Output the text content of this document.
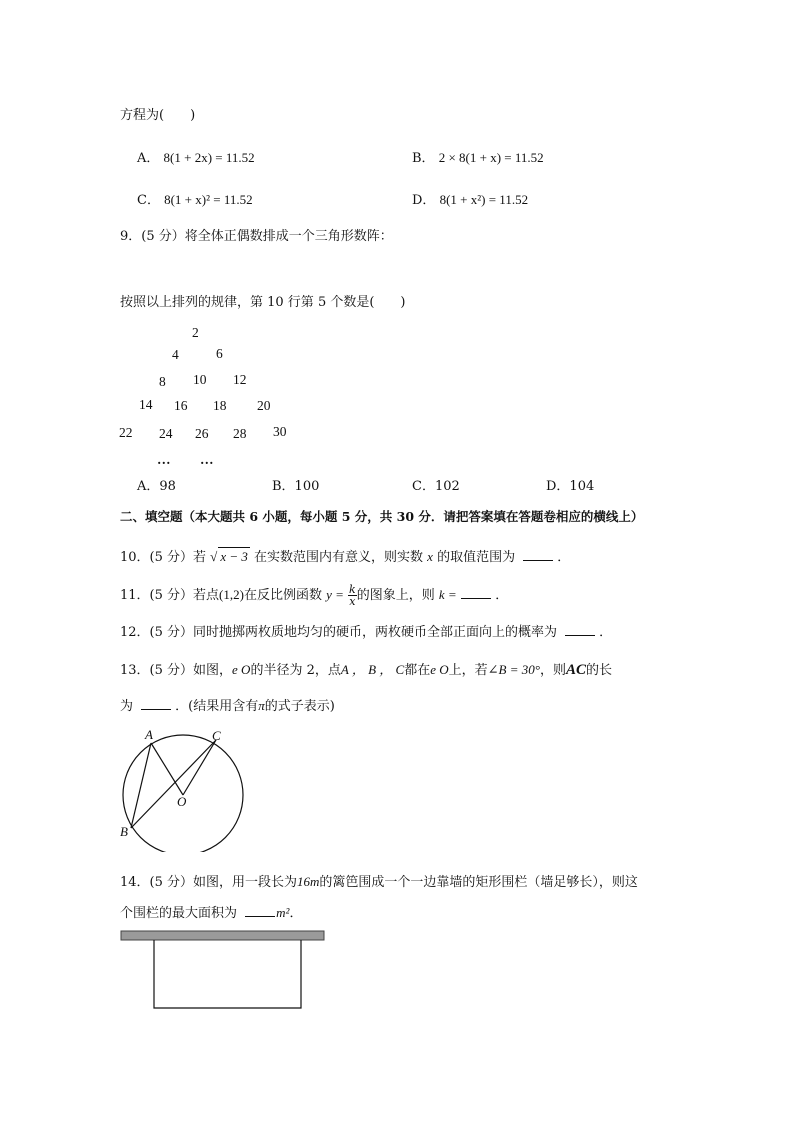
方程为(　　)
A． 8(1 + 2x) = 11.52	B． 2 × 8(1 + x) = 11.52
C． 8(1 + x)² = 11.52	D． 8(1 + x²) = 11.52
9．(5 分）将全体正偶数排成一个三角形数阵：
按照以上排列的规律，第 10 行第 5 个数是(　　)
2
4	6
8 10 12
14 16 18 20
22 24 26 28 30
… …
A．98	B．100	C．102	D．104
二、填空题（本大题共 6 小题，每小题 5 分，共 30 分．请把答案填在答题卷相应的横线上）
10．(5 分）若 √ x − 3 在实数范围内有意义，则实数 x 的取值范围为	．
11．(5 分）若点(1,2)在反比例函数 $y = \frac{k}{x}$ 的图象上，则 k =	．
12．(5 分）同时抛掷两枚质地均匀的硬币，两枚硬币全部正面向上的概率为	．
13．(5 分）如图，e O的半径为 2，点A ， B ， C都在e O上，若∠B = 30°，则AC的长
为	．(结果用含有π的式子表示)
A	C
O
B
14．(5 分）如图，用一段长为16m的篱笆围成一个一边靠墙的矩形围栏（墙足够长），则这
个围栏的最大面积为	m²．
